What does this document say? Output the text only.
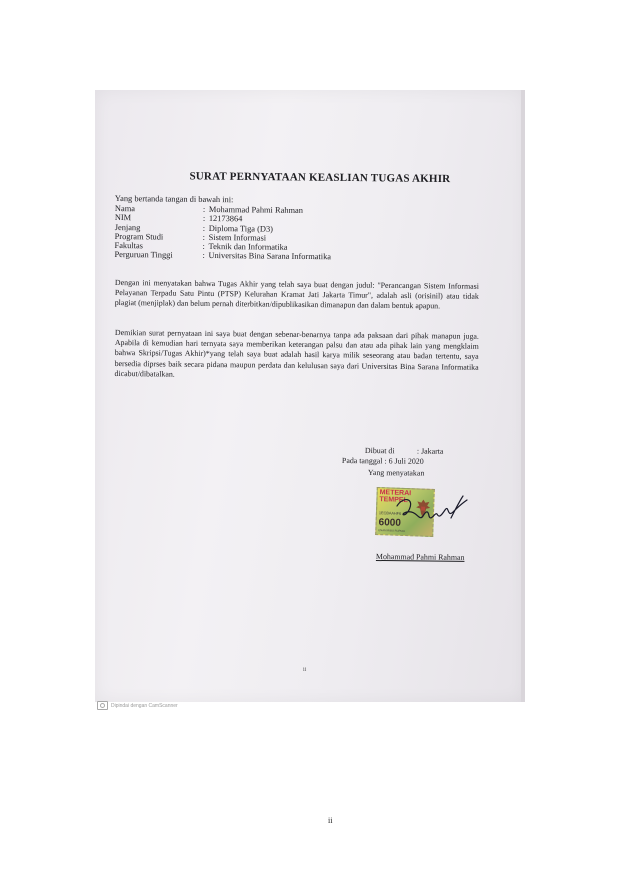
SURAT PERNYATAAN KEASLIAN TUGAS AKHIR
Yang bertanda tangan di bawah ini:
Nama	: Mohammad Pahmi Rahman
NIM	: 12173864
Jenjang	: Diploma Tiga (D3)
Program Studi	: Sistem Informasi
Fakultas	: Teknik dan Informatika
Perguruan Tinggi	: Universitas Bina Sarana Informatika
Dengan ini menyatakan bahwa Tugas Akhir yang telah saya buat dengan judul: "Perancangan Sistem Informasi Pelayanan Terpadu Satu Pintu (PTSP) Kelurahan Kramat Jati Jakarta Timur", adalah asli (orisinil) atau tidak plagiat (menjiplak) dan belum pernah diterbitkan/dipublikasikan dimanapun dan dalam bentuk apapun.
Demikian surat pernyataan ini saya buat dengan sebenar-benarnya tanpa ada paksaan dari pihak manapun juga. Apabila di kemudian hari ternyata saya memberikan keterangan palsu dan atau ada pihak lain yang mengklaim bahwa Skripsi/Tugas Akhir)*yang telah saya buat adalah hasil karya milik seseorang atau badan tertentu, saya bersedia diprses baik secara pidana maupun perdata dan kelulusan saya dari Universitas Bina Sarana Informatika dicabut/dibatalkan.
Dibuat di	: Jakarta
Pada tanggal : 6 Juli 2020
Yang menyatakan
METERAI
TEMPEL
1ECBAAHF6
6000
ENAM RIBU RUPIAH
Mohammad Pahmi Rahman
ii
Dipindai dengan CamScanner
ii
